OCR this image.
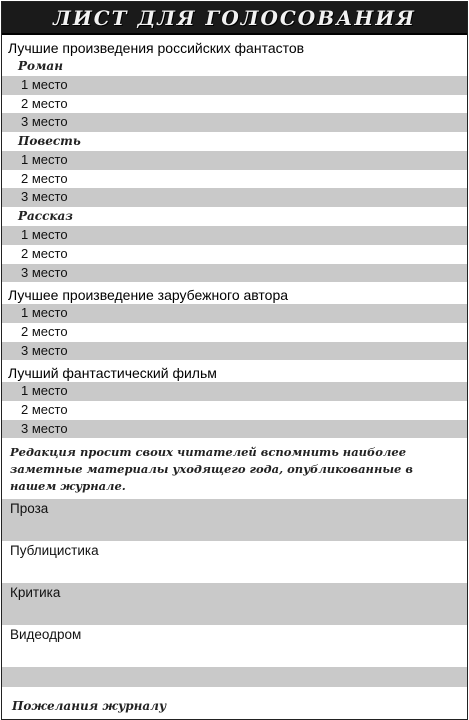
ЛИСТ ДЛЯ ГОЛОСОВАНИЯ
Лучшие произведения российских фантастов
Роман
1 место
2 место
3 место
Повесть
1 место
2 место
3 место
Рассказ
1 место
2 место
3 место
Лучшее произведение зарубежного автора
1 место
2 место
3 место
Лучший фантастический фильм
1 место
2 место
3 место
Редакция просит своих читателей вспомнить наиболее заметные материалы уходящего года, опубликованные в нашем журнале.
Проза
Публицистика
Критика
Видеодром
Пожелания журналу
